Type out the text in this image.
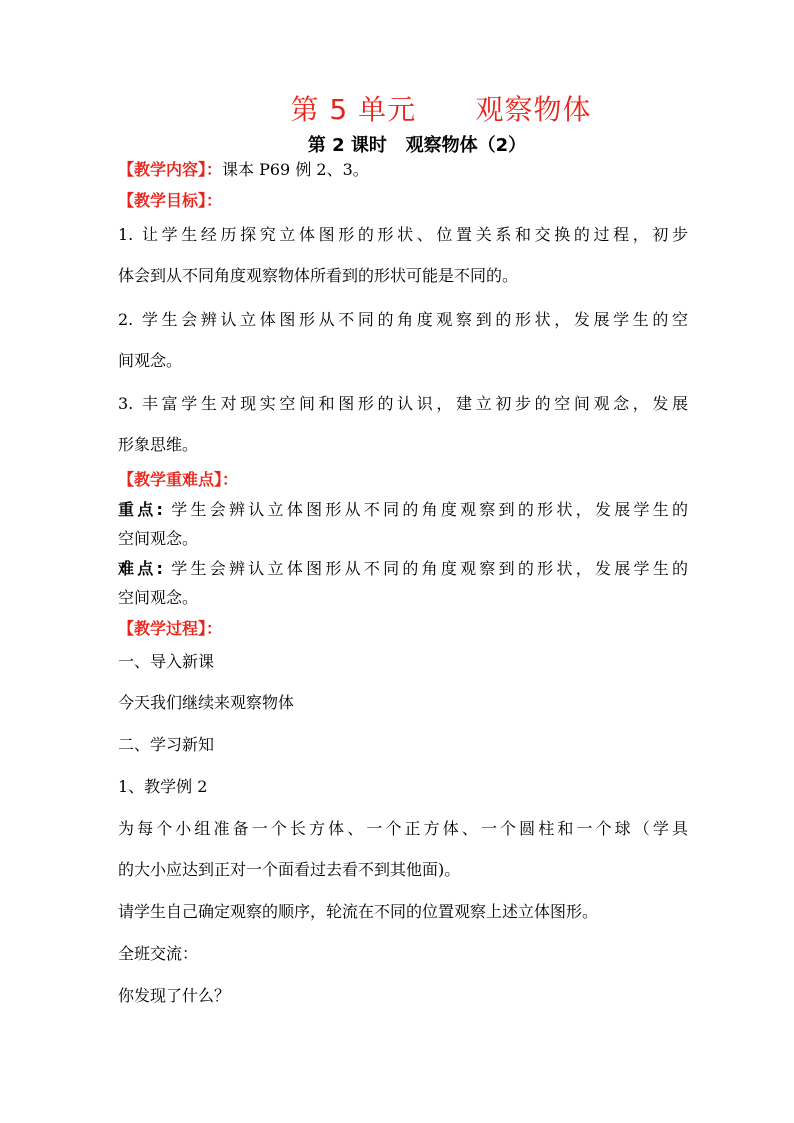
第 5 单元      观察物体
第 2 课时   观察物体（2）
【教学内容】：课本 P69 例 2、3。
【教学目标】：
1. 让学生经历探究立体图形的形状、位置关系和交换的过程，初步
体会到从不同角度观察物体所看到的形状可能是不同的。
2. 学生会辨认立体图形从不同的角度观察到的形状，发展学生的空
间观念。
3. 丰富学生对现实空间和图形的认识，建立初步的空间观念，发展
形象思维。
【教学重难点】：
重点: 学生会辨认立体图形从不同的角度观察到的形状，发展学生的
空间观念。
难点: 学生会辨认立体图形从不同的角度观察到的形状，发展学生的
空间观念。
【教学过程】：
一、导入新课
今天我们继续来观察物体
二、学习新知
1、教学例 2
为每个小组准备一个长方体、一个正方体、一个圆柱和一个球（学具
的大小应达到正对一个面看过去看不到其他面)。
请学生自己确定观察的顺序，轮流在不同的位置观察上述立体图形。
全班交流：
你发现了什么？
